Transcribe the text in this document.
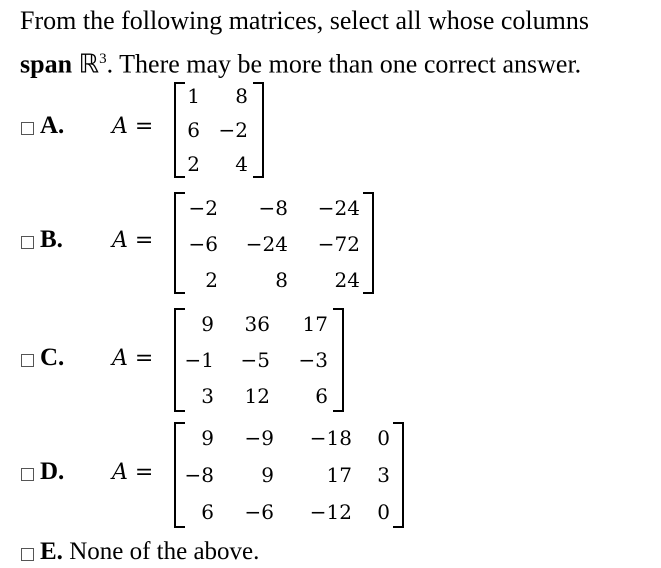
From the following matrices, select all whose columns
span ℝ$^3$. There may be more than one correct answer.
A. A =
1	8
6 −2
2	4
B. A =
−2	−8	−24
−6	−24	−72
2	8	24
C. A =
9	36	17
−1	−5	−3
3	12	6
D. A =
9	−9	−18	0
−8	9	17	3
6	−6	−12	0
E. None of the above.
